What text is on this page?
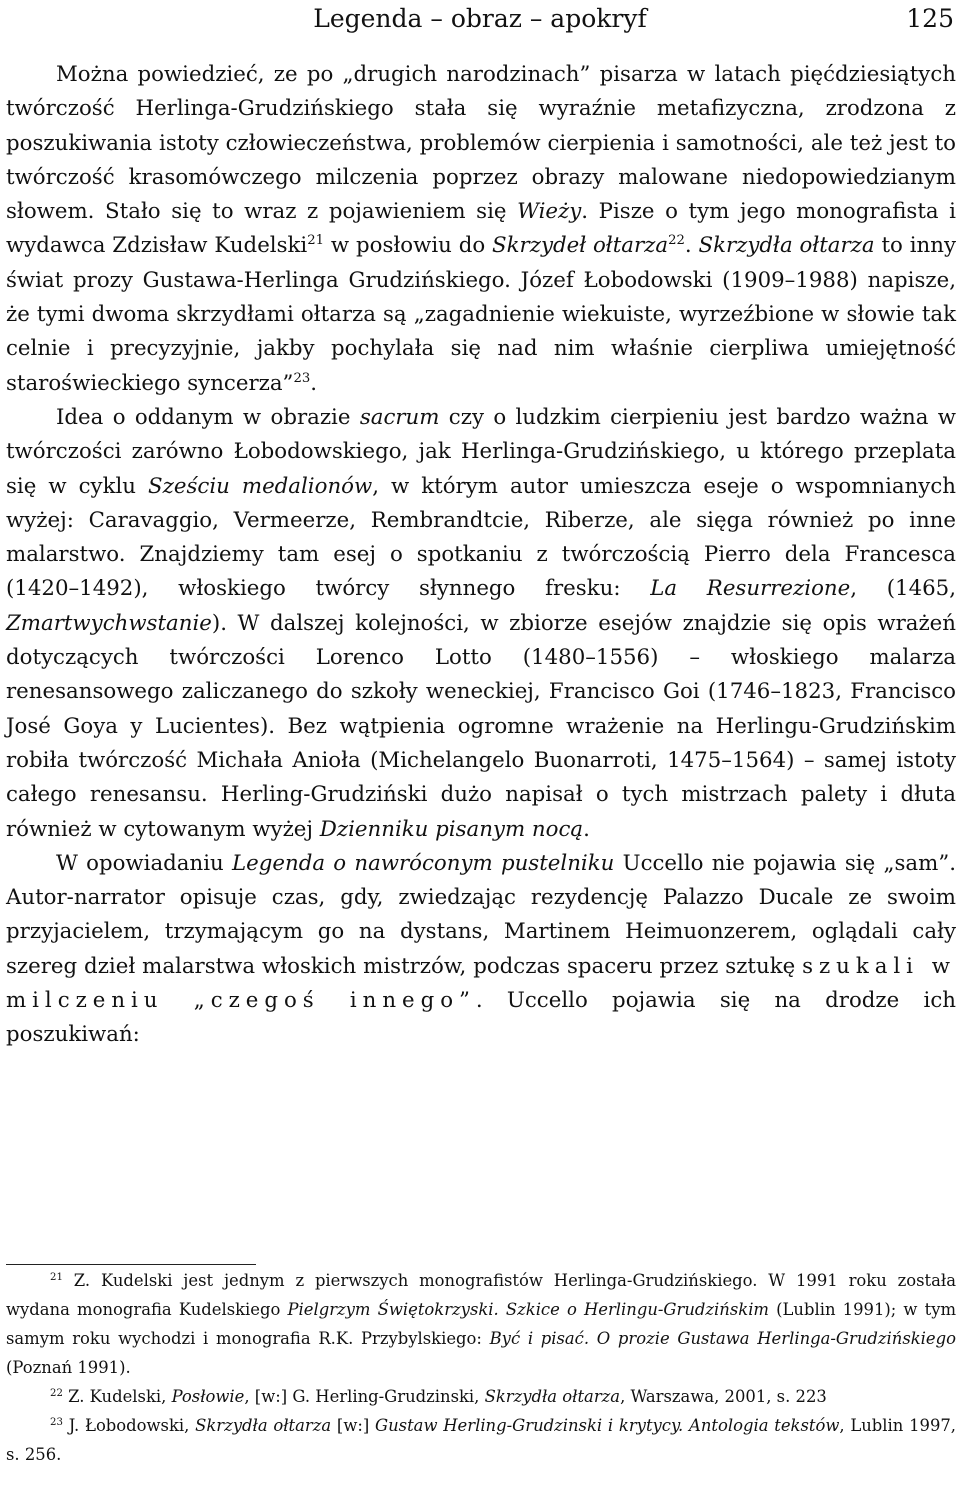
Legenda – obraz – apokryf	125

Można powiedzieć, ze po „drugich narodzinach” pisarza w latach pięćdziesiątych twórczość Herlinga-Grudzińskiego stała się wyraźnie metafizyczna, zrodzona z poszukiwania istoty człowieczeństwa, problemów cierpienia i samotności, ale też jest to twórczość krasomówczego milczenia poprzez obrazy malowane niedopowiedzianym słowem. Stało się to wraz z pojawieniem się Wieży. Pisze o tym jego monografista i wydawca Zdzisław Kudelski$^{21}$ w posłowiu do Skrzydeł ołtarza$^{22}$. Skrzydła ołtarza to inny świat prozy Gustawa-Herlinga Grudzińskiego. Józef Łobodowski (1909–1988) napisze, że tymi dwoma skrzydłami ołtarza są „zagadnienie wiekuiste, wyrzeźbione w słowie tak celnie i precyzyjnie, jakby pochylała się nad nim właśnie cierpliwa umiejętność staroświeckiego syncerza”$^{23}$.

Idea o oddanym w obrazie sacrum czy o ludzkim cierpieniu jest bardzo ważna w twórczości zarówno Łobodowskiego, jak Herlinga-Grudzińskiego, u którego przeplata się w cyklu Sześciu medalionów, w którym autor umieszcza eseje o wspomnianych wyżej: Caravaggio, Vermeerze, Rembrandtcie, Riberze, ale sięga również po inne malarstwo. Znajdziemy tam esej o spotkaniu z twórczością Pierro dela Francesca (1420–1492), włoskiego twórcy słynnego fresku: La Resurrezione, (1465, Zmartwychwstanie). W dalszej kolejności, w zbiorze esejów znajdzie się opis wrażeń dotyczących twórczości Lorenco Lotto (1480–1556) – włoskiego malarza renesansowego zaliczanego do szkoły weneckiej, Francisco Goi (1746–1823, Francisco José Goya y Lucientes). Bez wątpienia ogromne wrażenie na Herlingu-Grudzińskim robiła twórczość Michała Anioła (Michelangelo Buonarroti, 1475–1564) – samej istoty całego renesansu. Herling-Grudziński dużo napisał o tych mistrzach palety i dłuta również w cytowanym wyżej Dzienniku pisanym nocą.

W opowiadaniu Legenda o nawróconym pustelniku Uccello nie pojawia się „sam”. Autor-narrator opisuje czas, gdy, zwiedzając rezydencję Palazzo Ducale ze swoim przyjacielem, trzymającym go na dystans, Martinem Heimuonzerem, oglądali cały szereg dzieł malarstwa włoskich mistrzów, podczas spaceru przez sztukę szukali w milczeniu „czegoś innego”. Uccello pojawia się na drodze ich poszukiwań:

$^{21}$ Z. Kudelski jest jednym z pierwszych monografistów Herlinga-Grudzińskiego. W 1991 roku została wydana monografia Kudelskiego Pielgrzym Świętokrzyski. Szkice o Herlingu-Grudzińskim (Lublin 1991); w tym samym roku wychodzi i monografia R.K. Przybylskiego: Być i pisać. O prozie Gustawa Herlinga-Grudzińskiego (Poznań 1991).

$^{22}$ Z. Kudelski, Posłowie, [w:] G. Herling-Grudzinski, Skrzydła ołtarza, Warszawa, 2001, s. 223

$^{23}$ J. Łobodowski, Skrzydła ołtarza [w:] Gustaw Herling-Grudzinski i krytycy. Antologia tekstów, Lublin 1997, s. 256.
